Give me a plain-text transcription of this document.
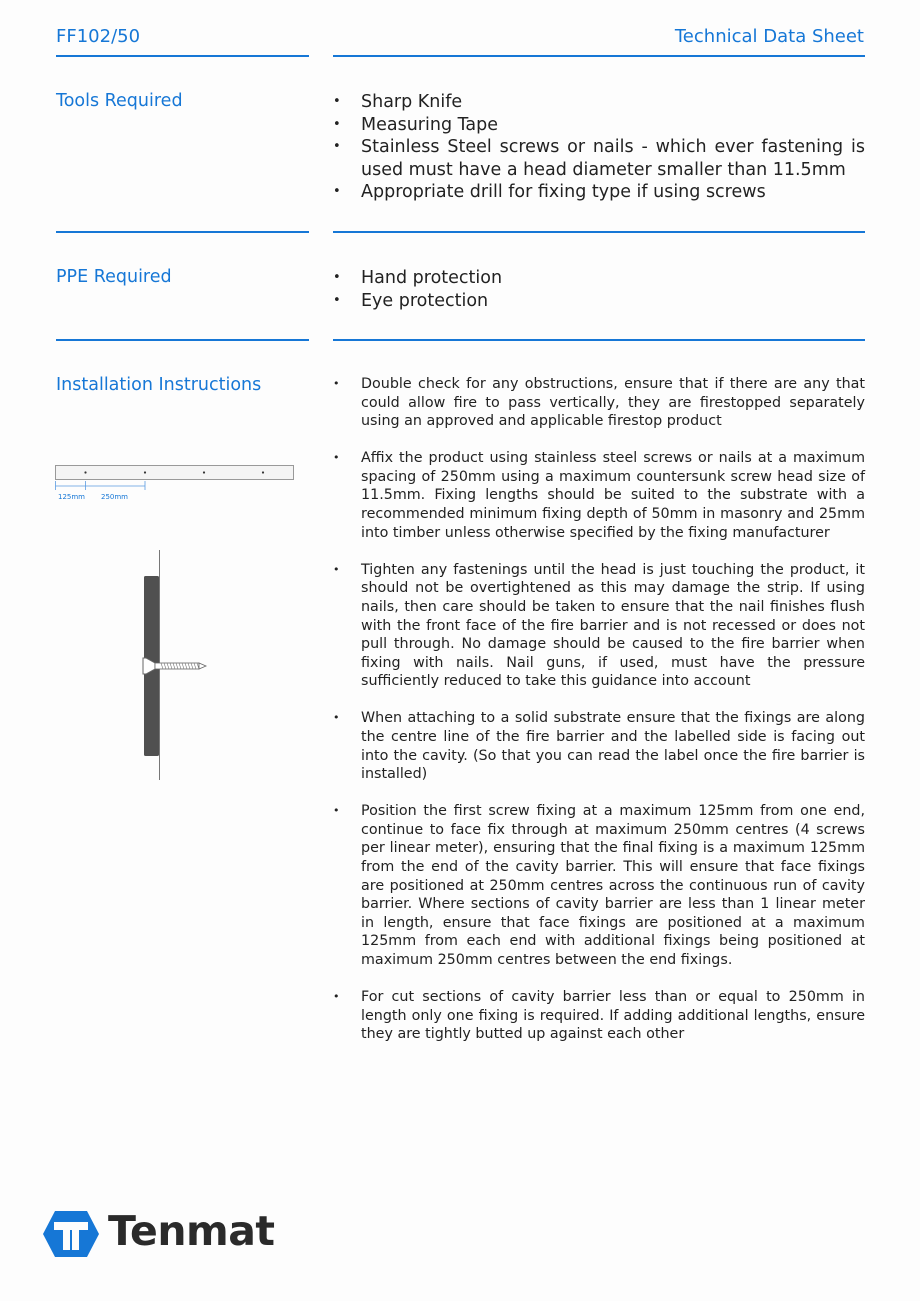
FF102/50	Technical Data Sheet
Tools Required	• Sharp Knife
• Measuring Tape
• Stainless Steel screws or nails - which ever fastening is used must have a head diameter smaller than 11.5mm
• Appropriate drill for fixing type if using screws
PPE Required	• Hand protection
• Eye protection
Installation Instructions	• Double check for any obstructions, ensure that if there are any that could allow fire to pass vertically, they are firestopped separately using an approved and applicable firestop product
• Affix the product using stainless steel screws or nails at a maximum spacing of 250mm using a maximum countersunk screw head size of 11.5mm. Fixing lengths should be suited to the substrate with a recommended minimum fixing depth of 50mm in masonry and 25mm into timber unless otherwise specified by the fixing manufacturer
• Tighten any fastenings until the head is just touching the product, it should not be overtightened as this may damage the strip. If using nails, then care should be taken to ensure that the nail finishes flush with the front face of the fire barrier and is not recessed or does not pull through. No damage should be caused to the fire barrier when fixing with nails. Nail guns, if used, must have the pressure sufficiently reduced to take this guidance into account
• When attaching to a solid substrate ensure that the fixings are along the centre line of the fire barrier and the labelled side is facing out into the cavity. (So that you can read the label once the fire barrier is installed)
• Position the first screw fixing at a maximum 125mm from one end, continue to face fix through at maximum 250mm centres (4 screws per linear meter), ensuring that the final fixing is a maximum 125mm from the end of the cavity barrier. This will ensure that face fixings are positioned at 250mm centres across the continuous run of cavity barrier. Where sections of cavity barrier are less than 1 linear meter in length, ensure that face fixings are positioned at a maximum 125mm from each end with additional fixings being positioned at maximum 250mm centres between the end fixings.
• For cut sections of cavity barrier less than or equal to 250mm in length only one fixing is required. If adding additional lengths, ensure they are tightly butted up against each other
125mm 250mm
Tenmat
